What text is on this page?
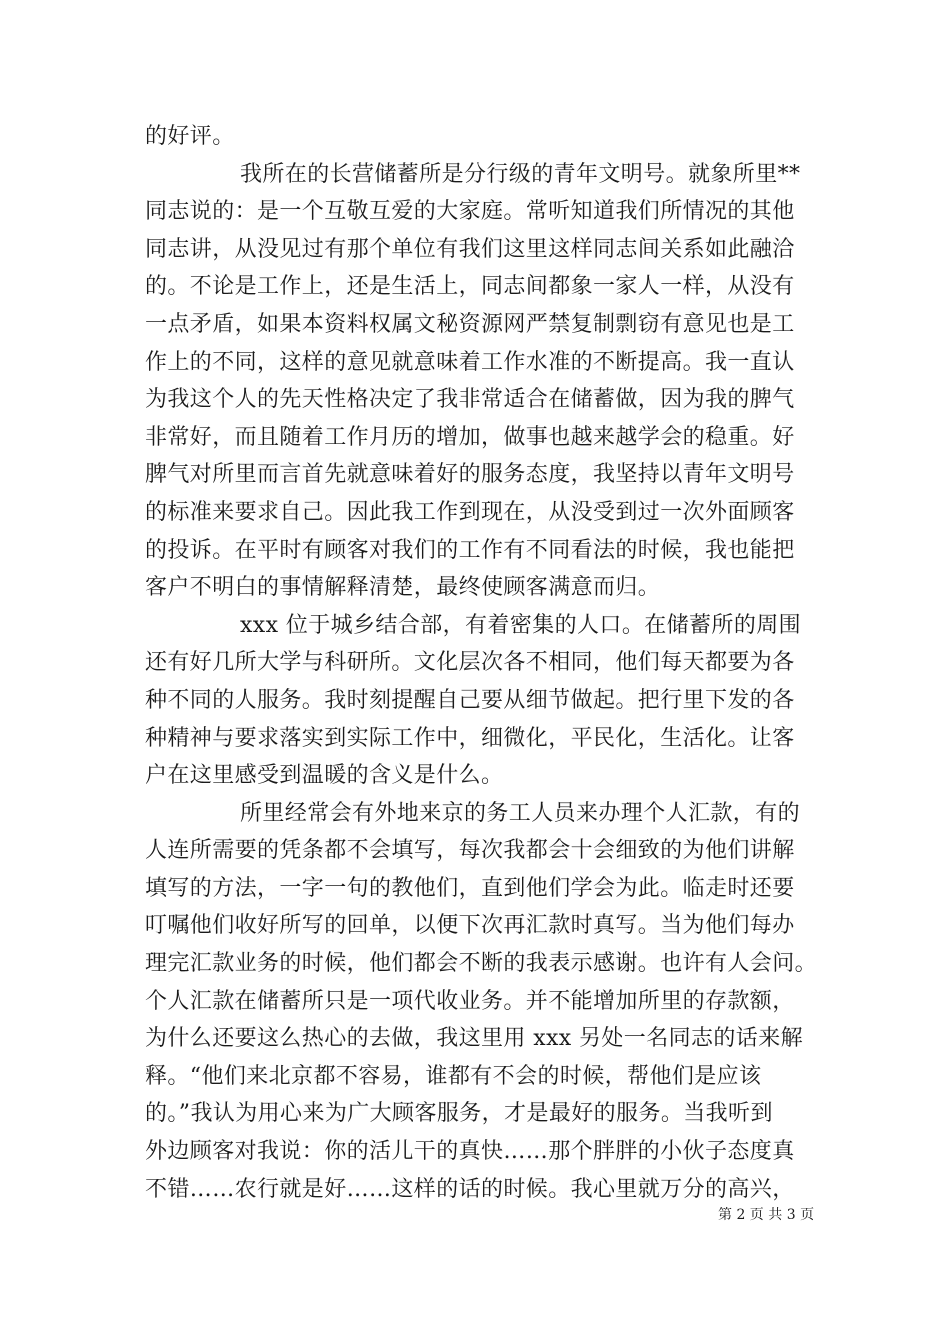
的好评。
我所在的长营储蓄所是分行级的青年文明号。就象所里**
同志说的：是一个互敬互爱的大家庭。常听知道我们所情况的其他
同志讲，从没见过有那个单位有我们这里这样同志间关系如此融洽
的。不论是工作上，还是生活上，同志间都象一家人一样，从没有
一点矛盾，如果本资料权属文秘资源网严禁复制剽窃有意见也是工
作上的不同，这样的意见就意味着工作水准的不断提高。我一直认
为我这个人的先天性格决定了我非常适合在储蓄做，因为我的脾气
非常好，而且随着工作月历的增加，做事也越来越学会的稳重。好
脾气对所里而言首先就意味着好的服务态度，我坚持以青年文明号
的标准来要求自己。因此我工作到现在，从没受到过一次外面顾客
的投诉。在平时有顾客对我们的工作有不同看法的时候，我也能把
客户不明白的事情解释清楚，最终使顾客满意而归。
xxx 位于城乡结合部，有着密集的人口。在储蓄所的周围
还有好几所大学与科研所。文化层次各不相同，他们每天都要为各
种不同的人服务。我时刻提醒自己要从细节做起。把行里下发的各
种精神与要求落实到实际工作中，细微化，平民化，生活化。让客
户在这里感受到温暖的含义是什么。
所里经常会有外地来京的务工人员来办理个人汇款，有的
人连所需要的凭条都不会填写，每次我都会十会细致的为他们讲解
填写的方法，一字一句的教他们，直到他们学会为此。临走时还要
叮嘱他们收好所写的回单，以便下次再汇款时真写。当为他们每办
理完汇款业务的时候，他们都会不断的我表示感谢。也许有人会问。
个人汇款在储蓄所只是一项代收业务。并不能增加所里的存款额，
为什么还要这么热心的去做，我这里用 xxx 另处一名同志的话来解
释。“他们来北京都不容易，谁都有不会的时候，帮他们是应该
的。”我认为用心来为广大顾客服务，才是最好的服务。当我听到
外边顾客对我说：你的活儿干的真快……那个胖胖的小伙子态度真
不错……农行就是好……这样的话的时候。我心里就万分的高兴，
第 2 页 共 3 页
